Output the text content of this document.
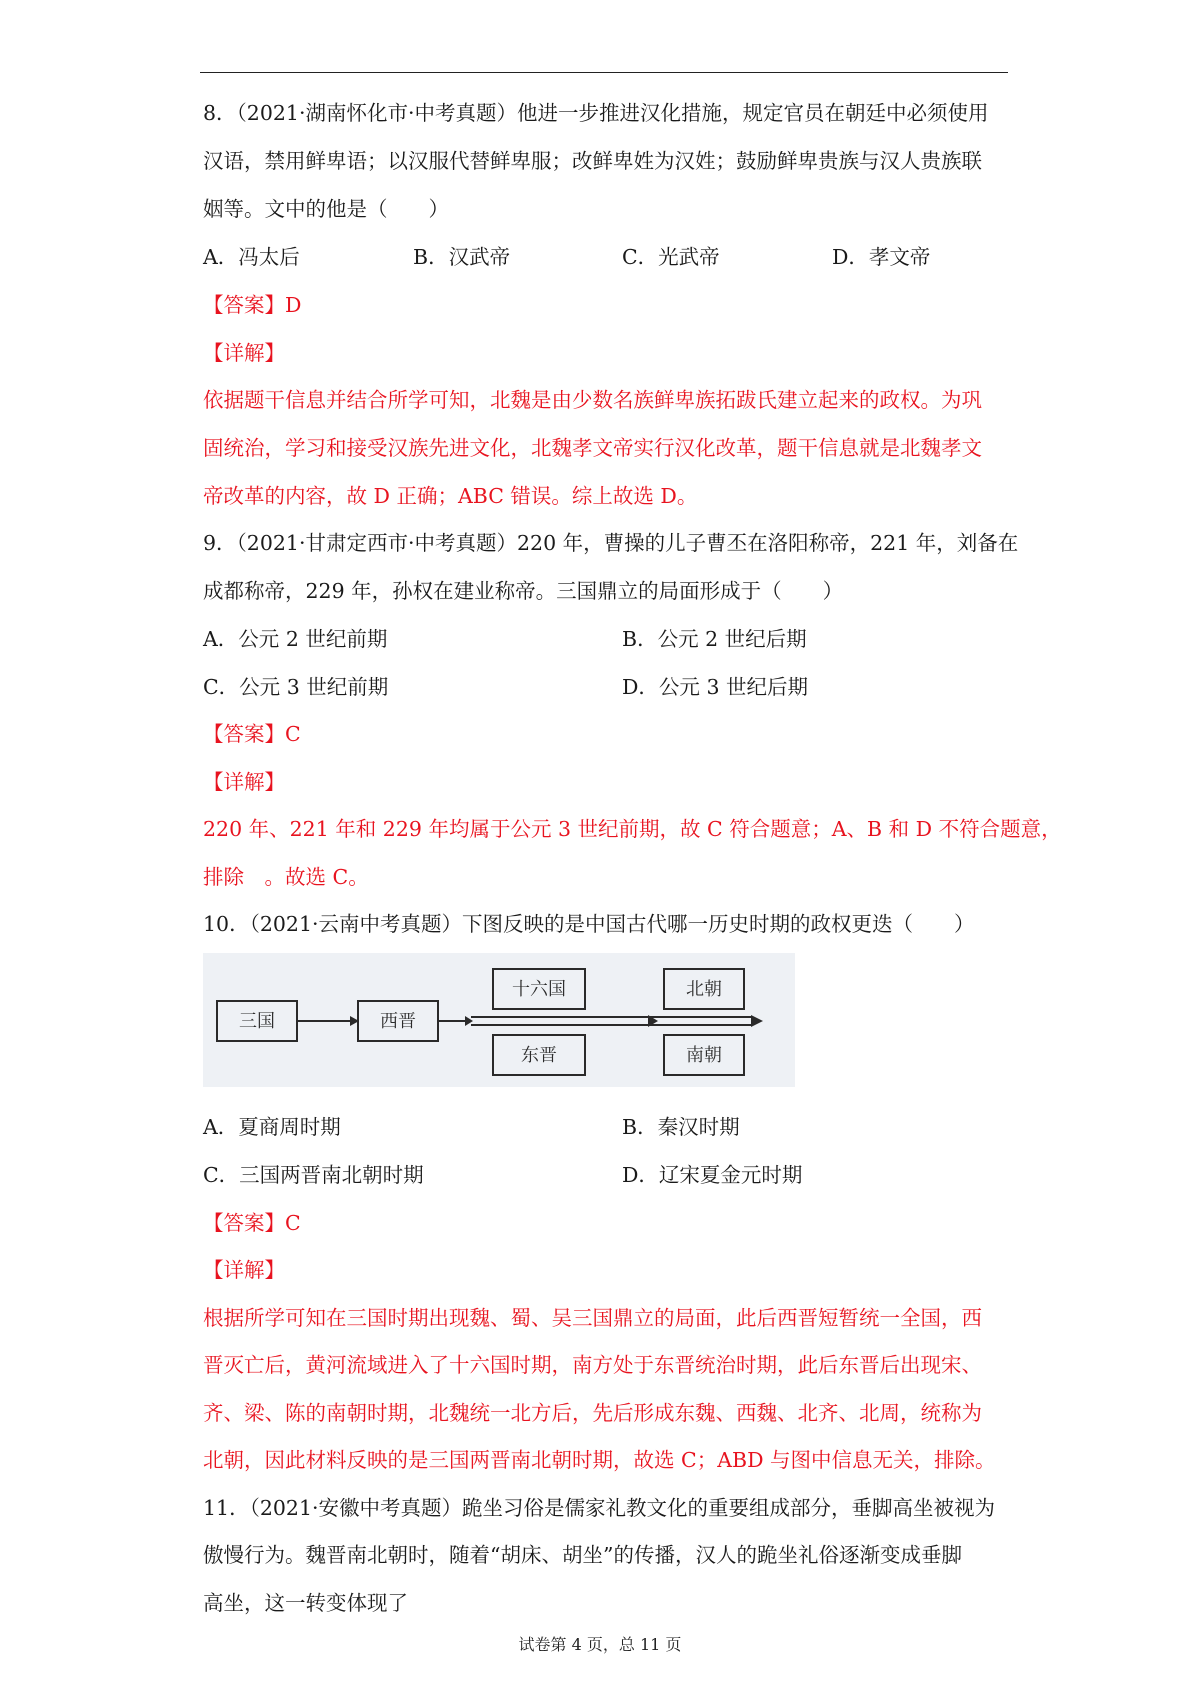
8．（2021·湖南怀化市·中考真题）他进一步推进汉化措施，规定官员在朝廷中必须使用
汉语，禁用鲜卑语；以汉服代替鲜卑服；改鲜卑姓为汉姓；鼓励鲜卑贵族与汉人贵族联
姻等。文中的他是（　　）
A．冯太后	B．汉武帝	C．光武帝	D．孝文帝
【答案】D
【详解】
依据题干信息并结合所学可知，北魏是由少数名族鲜卑族拓跋氏建立起来的政权。为巩
固统治，学习和接受汉族先进文化，北魏孝文帝实行汉化改革，题干信息就是北魏孝文
帝改革的内容，故 D 正确；ABC 错误。综上故选 D。
9．（2021·甘肃定西市·中考真题）220 年，曹操的儿子曹丕在洛阳称帝，221 年，刘备在
成都称帝，229 年，孙权在建业称帝。三国鼎立的局面形成于（　　）
A．公元 2 世纪前期	B．公元 2 世纪后期
C．公元 3 世纪前期	D．公元 3 世纪后期
【答案】C
【详解】
220 年、221 年和 229 年均属于公元 3 世纪前期，故 C 符合题意；A、B 和 D 不符合题意，
排除　。故选 C。
10．（2021·云南中考真题）下图反映的是中国古代哪一历史时期的政权更迭（　　）
三国	西晋
十六国
东晋
北朝
南朝
A．夏商周时期	B．秦汉时期
C．三国两晋南北朝时期	D．辽宋夏金元时期
【答案】C
【详解】
根据所学可知在三国时期出现魏、蜀、吴三国鼎立的局面，此后西晋短暂统一全国，西
晋灭亡后，黄河流域进入了十六国时期，南方处于东晋统治时期，此后东晋后出现宋、
齐、梁、陈的南朝时期，北魏统一北方后，先后形成东魏、西魏、北齐、北周，统称为
北朝，因此材料反映的是三国两晋南北朝时期，故选 C；ABD 与图中信息无关，排除。
11．（2021·安徽中考真题）跪坐习俗是儒家礼教文化的重要组成部分，垂脚高坐被视为
傲慢行为。魏晋南北朝时，随着“胡床、胡坐”的传播，汉人的跪坐礼俗逐渐变成垂脚
高坐，这一转变体现了
试卷第 4 页，总 11 页
